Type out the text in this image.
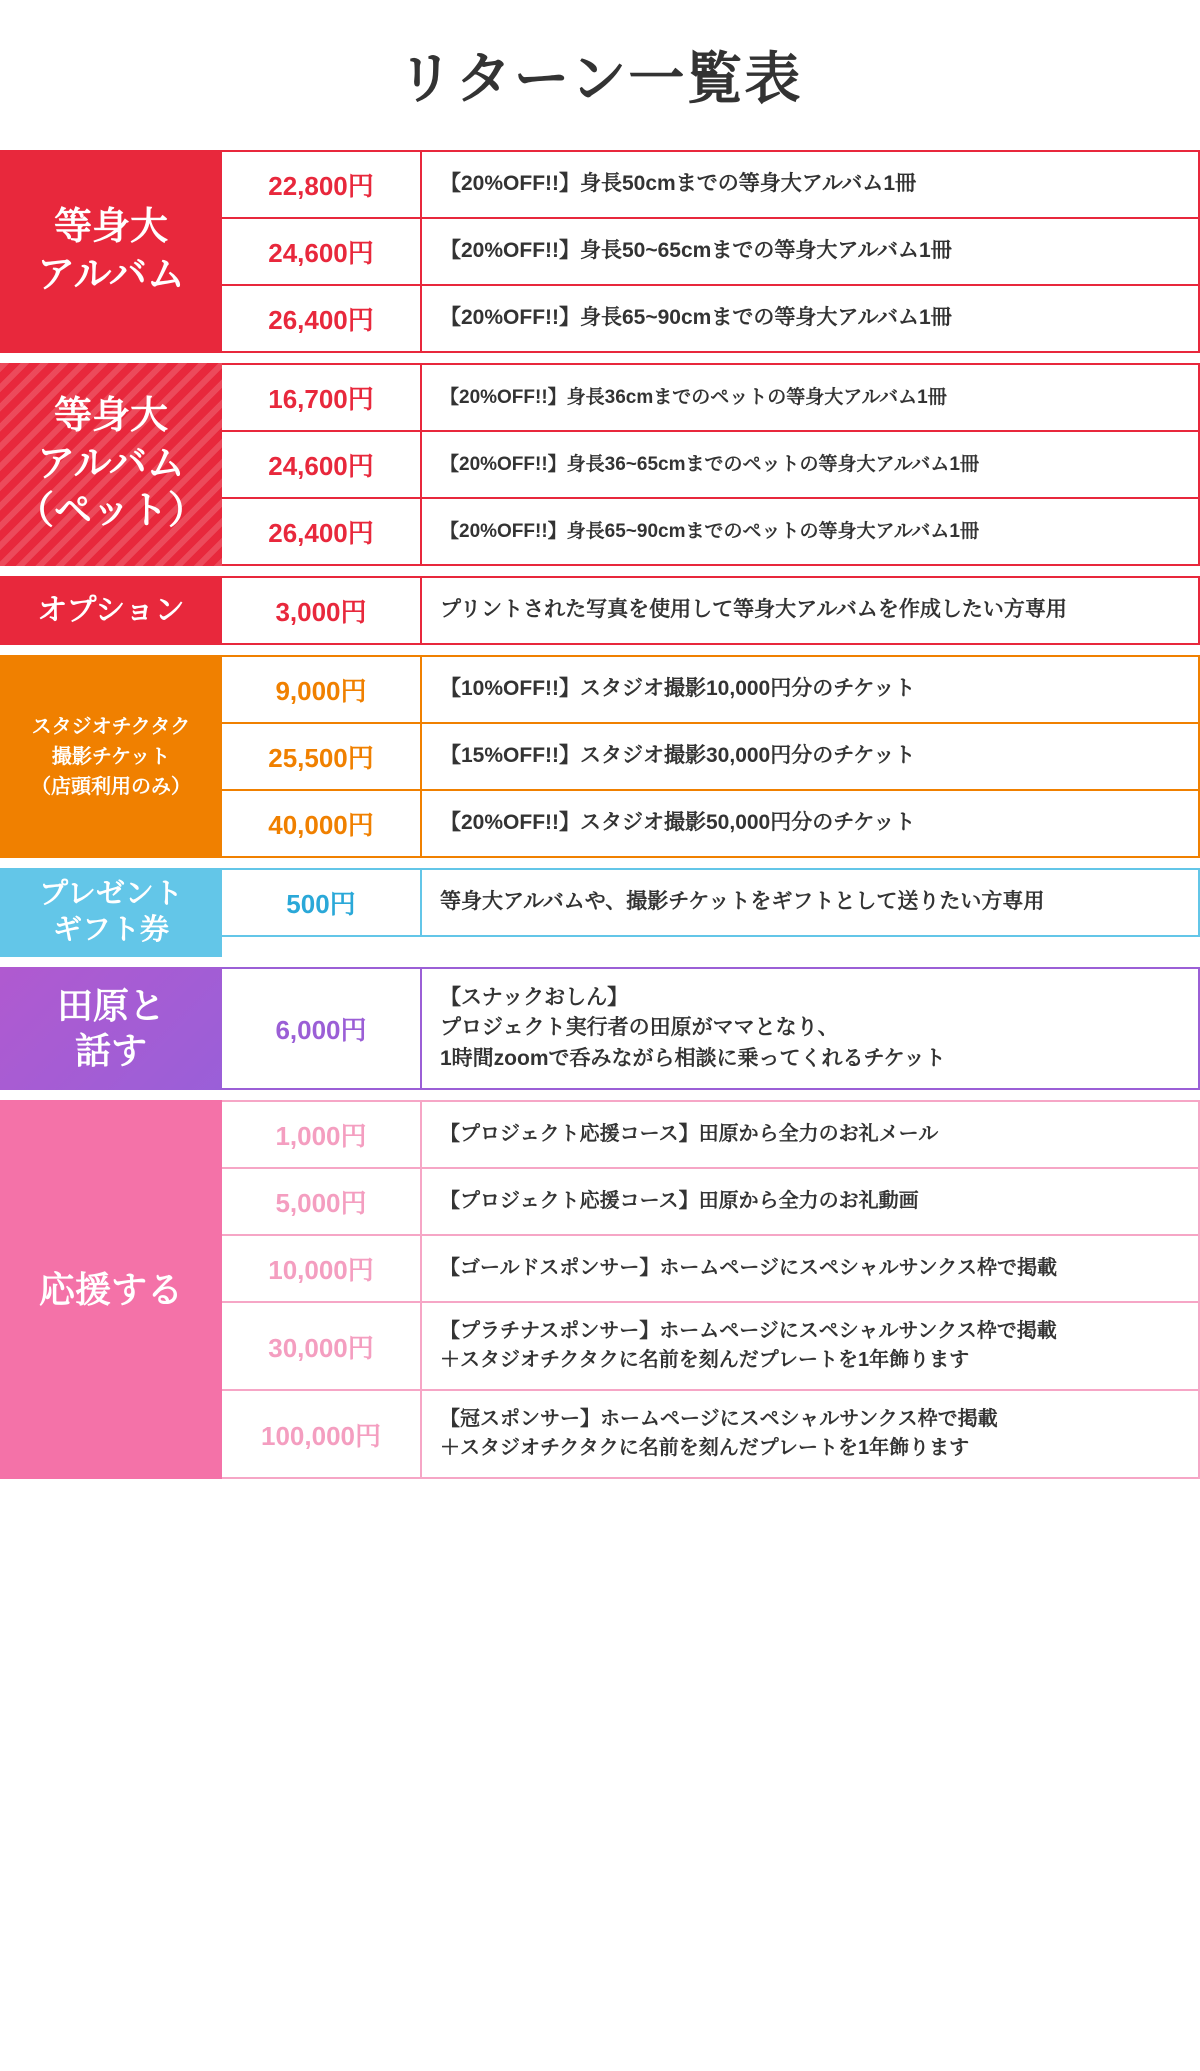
リターン一覧表
等身大
アルバム
22,800円	【20%OFF!!】身長50cmまでの等身大アルバム1冊
24,600円	【20%OFF!!】身長50~65cmまでの等身大アルバム1冊
26,400円	【20%OFF!!】身長65~90cmまでの等身大アルバム1冊
等身大
アルバム
（ペット）
16,700円	【20%OFF!!】身長36cmまでのペットの等身大アルバム1冊
24,600円	【20%OFF!!】身長36~65cmまでのペットの等身大アルバム1冊
26,400円	【20%OFF!!】身長65~90cmまでのペットの等身大アルバム1冊
オプション	3,000円	プリントされた写真を使用して等身大アルバムを作成したい方専用
スタジオチクタク
撮影チケット
（店頭利用のみ）
9,000円	【10%OFF!!】スタジオ撮影10,000円分のチケット
25,500円	【15%OFF!!】スタジオ撮影30,000円分のチケット
40,000円	【20%OFF!!】スタジオ撮影50,000円分のチケット
プレゼント
ギフト券
500円	等身大アルバムや、撮影チケットをギフトとして送りたい方専用
田原と
話す
6,000円
【スナックおしん】
プロジェクト実行者の田原がママとなり、
1時間zoomで呑みながら相談に乗ってくれるチケット
応援する
1,000円	【プロジェクト応援コース】田原から全力のお礼メール
5,000円	【プロジェクト応援コース】田原から全力のお礼動画
10,000円	【ゴールドスポンサー】ホームページにスペシャルサンクス枠で掲載
30,000円
【プラチナスポンサー】ホームページにスペシャルサンクス枠で掲載
＋スタジオチクタクに名前を刻んだプレートを1年飾ります
100,000円
【冠スポンサー】ホームページにスペシャルサンクス枠で掲載
＋スタジオチクタクに名前を刻んだプレートを1年飾ります
